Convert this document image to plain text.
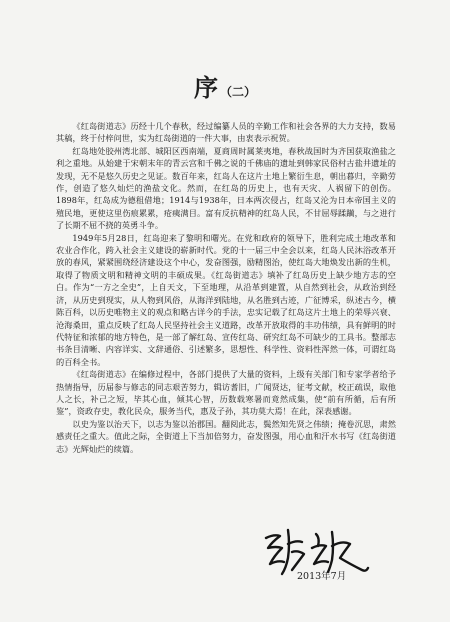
序（二）

《红岛街道志》历经十几个春秋，经过编纂人员的辛勤工作和社会各界的大力支持，数易其稿，终于付梓问世，实为红岛街道的一件大事，由衷表示祝贺。

红岛地处胶州湾北部、城阳区西南端，夏商周时属莱夷地，春秋战国时为齐国获取渔盐之利之重地。从始建于宋朝末年的青云宫和千佛之说的千佛庙的遗址到韩家民俗村古盐井遗址的发现，无不是悠久历史之见证。数百年来，红岛人在这片土地上繁衍生息，朝出暮归，辛勤劳作，创造了悠久灿烂的渔盐文化。然而，在红岛的历史上，也有天灾、人祸留下的创伤。1898年，红岛成为德租借地；1914与1938年，日本两次侵占，红岛又沦为日本帝国主义的殖民地，更使这里伤痕累累，疮痍满目。富有反抗精神的红岛人民，不甘屈辱蹂躏，与之进行了长期不屈不挠的英勇斗争。

1949年5月28日，红岛迎来了黎明和曙光。在党和政府的领导下，胜利完成土地改革和农业合作化，跨入社会主义建设的崭新时代。党的十一届三中全会以来，红岛人民沐浴改革开放的春风，紧紧围绕经济建设这个中心，发奋图强，励精图治，使红岛大地焕发出新的生机，取得了物质文明和精神文明的丰硕成果。《红岛街道志》填补了红岛历史上缺少地方志的空白。作为“一方之全史”，上自天文，下至地理，从沿革到建置，从自然到社会，从政治到经济，从历史到现实，从人物到风俗，从海洋到陆地，从名胜到古迹，广征博采，纵述古今，横陈百科，以历史唯物主义的观点和略古详今的手法，忠实记载了红岛这片土地上的荣辱兴衰、沧海桑田，重点反映了红岛人民坚持社会主义道路，改革开放取得的丰功伟绩，具有鲜明的时代特征和浓郁的地方特色，是一部了解红岛、宣传红岛、研究红岛不可缺少的工具书。整部志书条目清晰、内容详实、文辞通俗、引述繁多，思想性、科学性、资料性浑然一体，可谓红岛的百科全书。

《红岛街道志》在编修过程中，各部门提供了大量的资料，上级有关部门和专家学者给予热情指导，历届参与修志的同志艰苦努力，辑访耆旧，广闻贤达，征考文献，校正疏误，取他人之长，补己之短，毕其心血，倾其心智，历数载寒暑而竟然成集，使“前有所循，后有所鉴”，资政存史，教化民众，服务当代，惠及子孙，其功莫大焉！在此，深表感谢。

以史为鉴以治天下，以志为鉴以治郡国。翻阅此志，鬓然知先贤之伟绩；掩卷沉思，肃然感责任之重大。值此之际，全街道上下当加倍努力，奋发图强，用心血和汗水书写《红岛街道志》光辉灿烂的续篇。

2013年7月
